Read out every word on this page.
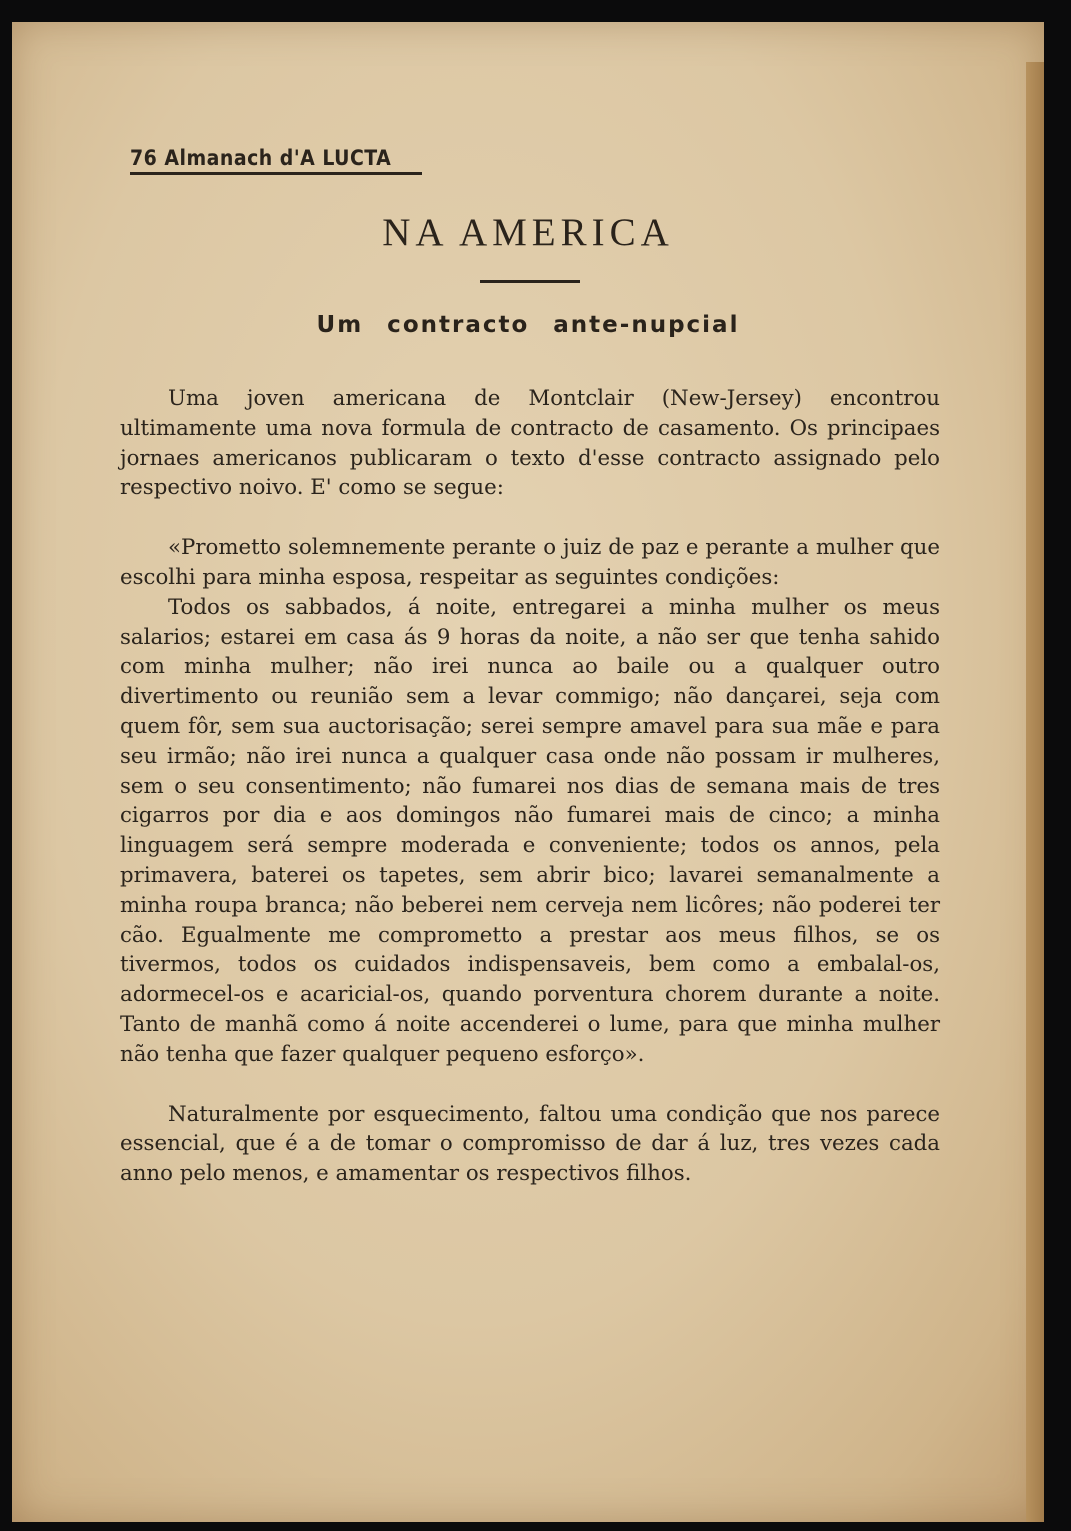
76 Almanach d'A LUCTA
NA AMERICA
Um contracto ante-nupcial

Uma joven americana de Montclair (New-Jersey) encontrou ultimamente uma nova formula de contracto de casamento. Os principaes jornaes americanos publicaram o texto d'esse contracto assignado pelo respectivo noivo. E' como se segue:

«Prometto solemnemente perante o juiz de paz e perante a mulher que escolhi para minha esposa, respeitar as seguintes condições:

Todos os sabbados, á noite, entregarei a minha mulher os meus salarios; estarei em casa ás 9 horas da noite, a não ser que tenha sahido com minha mulher; não irei nunca ao baile ou a qualquer outro divertimento ou reunião sem a levar commigo; não dançarei, seja com quem fôr, sem sua auctorisação; serei sempre amavel para sua mãe e para seu irmão; não irei nunca a qualquer casa onde não possam ir mulheres, sem o seu consentimento; não fumarei nos dias de semana mais de tres cigarros por dia e aos domingos não fumarei mais de cinco; a minha linguagem será sempre moderada e conveniente; todos os annos, pela primavera, baterei os tapetes, sem abrir bico; lavarei semanalmente a minha roupa branca; não beberei nem cerveja nem licôres; não poderei ter cão. Egualmente me comprometto a prestar aos meus filhos, se os tivermos, todos os cuidados indispensaveis, bem como a embalal-os, adormecel-os e acaricial-os, quando porventura chorem durante a noite. Tanto de manhã como á noite accenderei o lume, para que minha mulher não tenha que fazer qualquer pequeno esforço».

Naturalmente por esquecimento, faltou uma condição que nos parece essencial, que é a de tomar o compromisso de dar á luz, tres vezes cada anno pelo menos, e amamentar os respectivos filhos.
